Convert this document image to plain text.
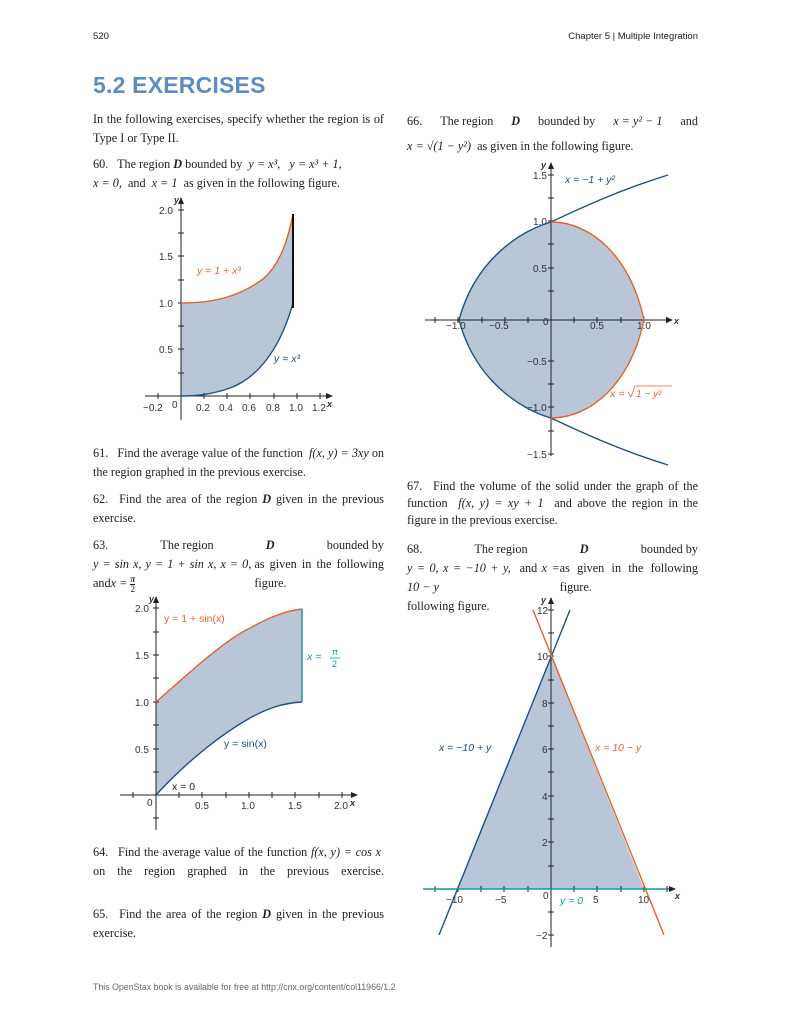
520	Chapter 5 | Multiple Integration
5.2 EXERCISES
In the following exercises, specify whether the region is of Type I or Type II.
60. The region D bounded by y = x³, y = x³ + 1,
x = 0, and x = 1 as given in the following figure.
61. Find the average value of the function f(x, y) = 3xy on the region graphed in the previous exercise.
62. Find the area of the region D given in the previous exercise.
63.	The region	D	bounded by
y = sin x, y = 1 + sin x, x = 0,  andx = $\frac{\pi}{2}$
as given in the following figure.
64. Find the average value of the function f(x, y) = cos x  on the region graphed in the previous exercise.
65. Find the area of the region D given in the previous exercise.
66. The region D bounded by x = y² − 1 and
x = √(1 − y²) as given in the following figure.
67. Find the volume of the solid under the graph of the function f(x, y) = xy + 1 and above the region in the figure in the previous exercise.
68.	The region	D	bounded by
y = 0, x = −10 + y, and x = 10 − y
as given in the following figure.
following figure.
−0.2 0 0.2 0.4 0.6 0.8 1.0 1.2
0.5
1.0
1.5
2.0
x
y
y = 1 + x³
y = x³
0	0.5	1.0	1.5	2.0
0.5
1.0
1.5
2.0
x
y
y = 1 + sin(x)
y = sin(x)
x = 0
x = π
2
−1.0 −0.5	0	0.5	1.0
1.5
1.0
0.5
−0.5
−1.0
−1.5
x
y
x = −1 + y²
x = 1 − y²
−10	−5	0	5	10
12
10
8
6
4
2
−2
x
y
x = −10 + y	x = 10 − y
y = 0
This OpenStax book is available for free at http://cnx.org/content/col11966/1.2
